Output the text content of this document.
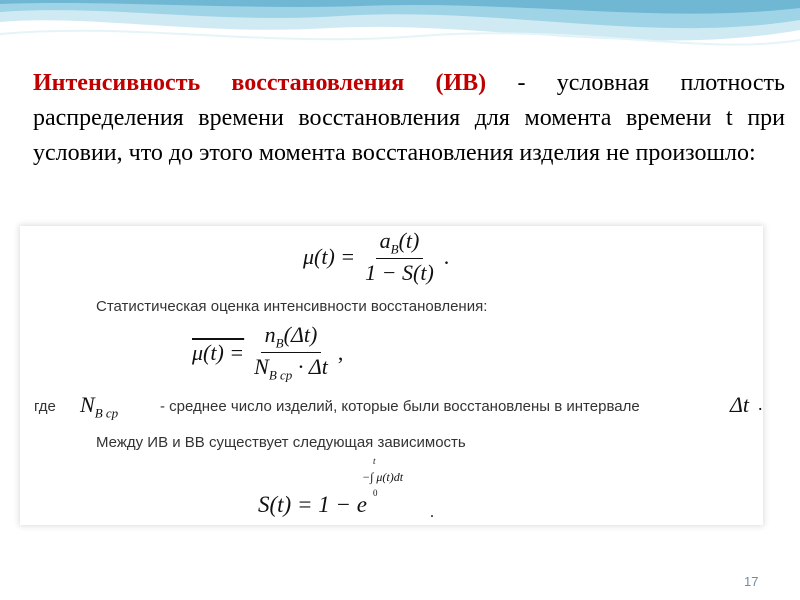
Интенсивность восстановления (ИВ) - условная плотность распределения времени восстановления для момента времени t при условии, что до этого момента восстановления изделия не произошло:

$\mu(t) = \frac{a_B(t)}{1 - S(t)}$ .
Статистическая оценка интенсивности восстановления:
$\mu(t) = \frac{n_B(\Delta t)}{N_{B ср} \cdot \Delta t}$ ,
где $N_{B ср}$	- среднее число изделий, которые были восстановлены в интервале	Δt .
Между ИВ и ВВ существует следующая зависимость
S(t) = 1 − e
t
−∫ μ(t)dt
0
.
17
